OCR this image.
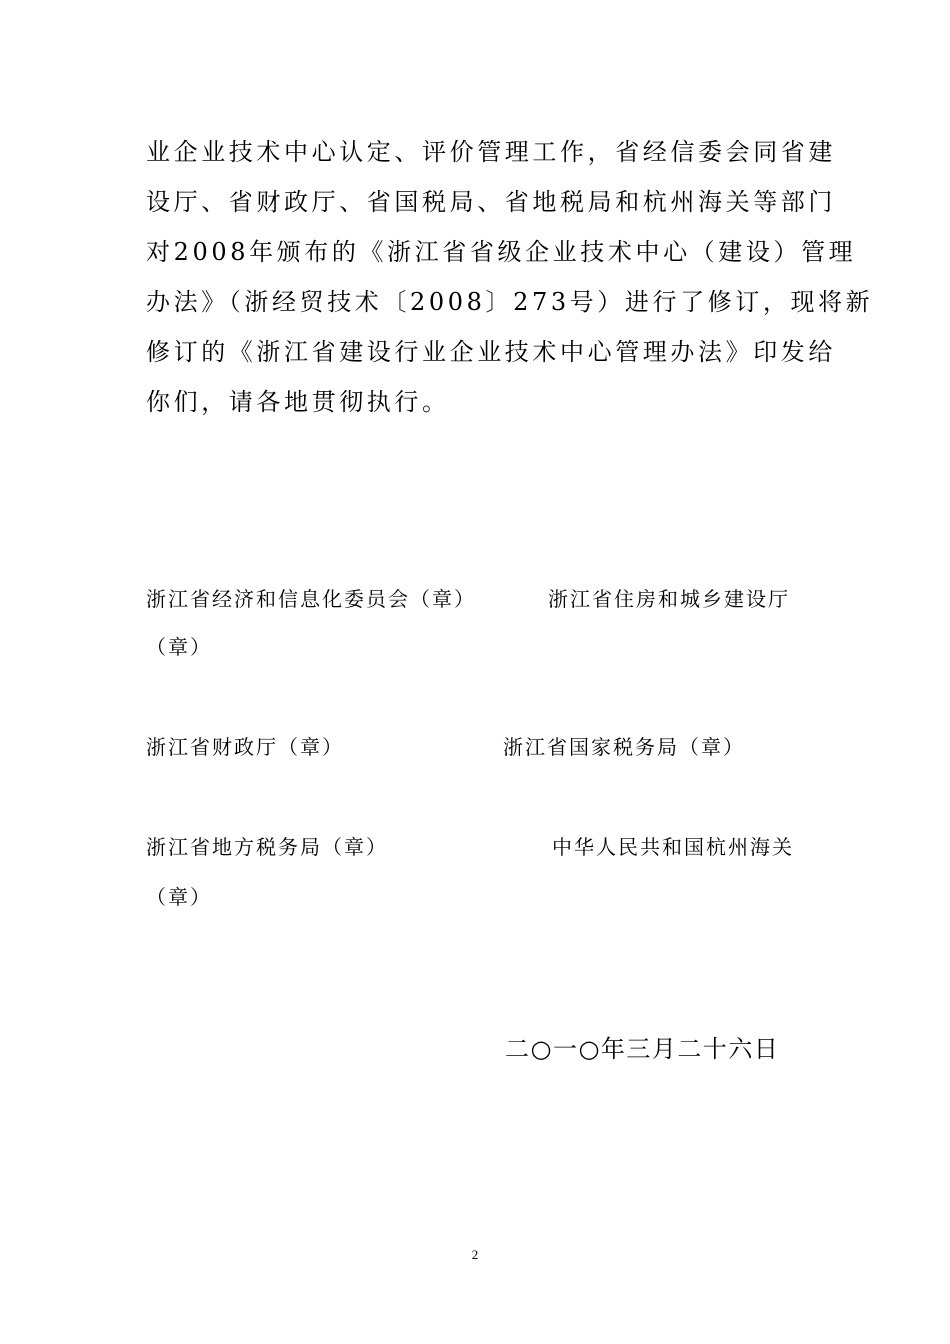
业企业技术中心认定、评价管理工作，省经信委会同省建
设厅、省财政厅、省国税局、省地税局和杭州海关等部门
对2008年颁布的《浙江省省级企业技术中心（建设）管理
办法》（浙经贸技术〔2008〕273号）进行了修订，现将新
修订的《浙江省建设行业企业技术中心管理办法》印发给
你们，请各地贯彻执行。
浙江省经济和信息化委员会（章）	浙江省住房和城乡建设厅
（章）
浙江省财政厅（章）	浙江省国家税务局（章）
浙江省地方税务局（章）	中华人民共和国杭州海关
（章）
二○一○年三月二十六日
2
